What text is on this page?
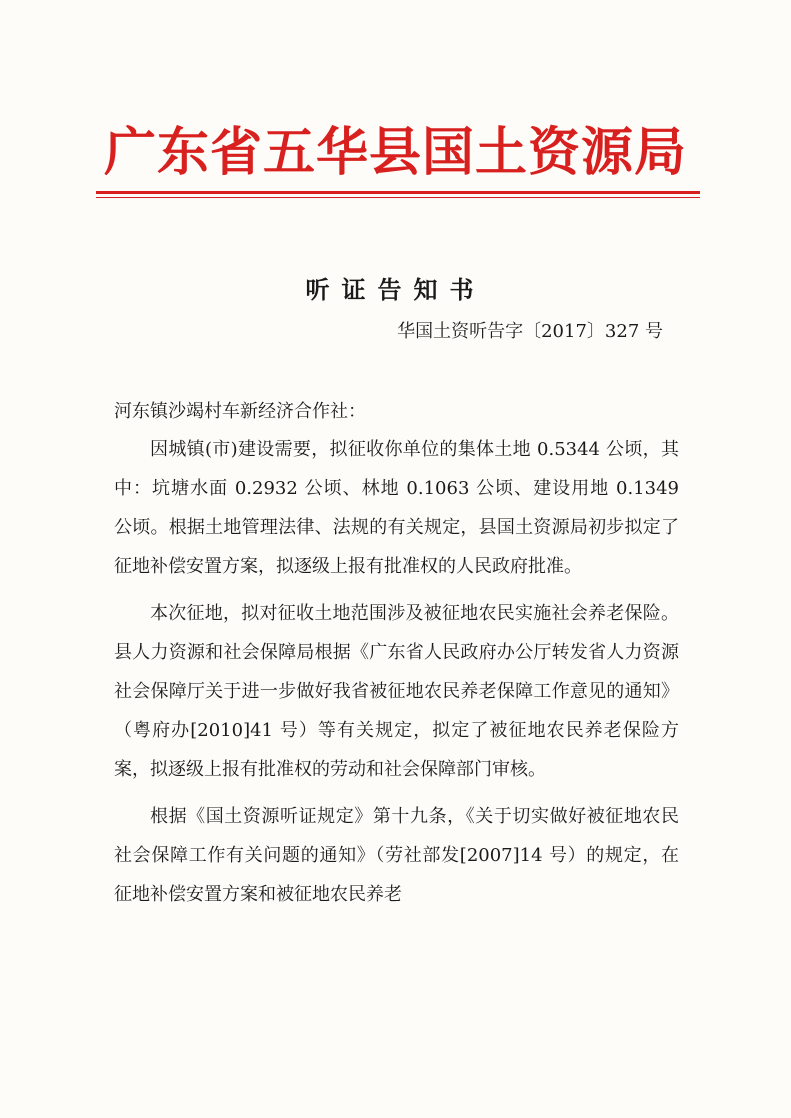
广东省五华县国土资源局
听证告知书
华国土资听告字〔2017〕327 号
河东镇沙竭村车新经济合作社：

因城镇(市)建设需要，拟征收你单位的集体土地 0.5344 公顷，其中：坑塘水面 0.2932 公顷、林地 0.1063 公顷、建设用地 0.1349 公顷。根据土地管理法律、法规的有关规定，县国土资源局初步拟定了征地补偿安置方案，拟逐级上报有批准权的人民政府批准。

本次征地，拟对征收土地范围涉及被征地农民实施社会养老保险。县人力资源和社会保障局根据《广东省人民政府办公厅转发省人力资源社会保障厅关于进一步做好我省被征地农民养老保障工作意见的通知》（粤府办[2010]41 号）等有关规定，拟定了被征地农民养老保险方案，拟逐级上报有批准权的劳动和社会保障部门审核。

根据《国土资源听证规定》第十九条，《关于切实做好被征地农民社会保障工作有关问题的通知》（劳社部发[2007]14 号）的规定，在征地补偿安置方案和被征地农民养老
